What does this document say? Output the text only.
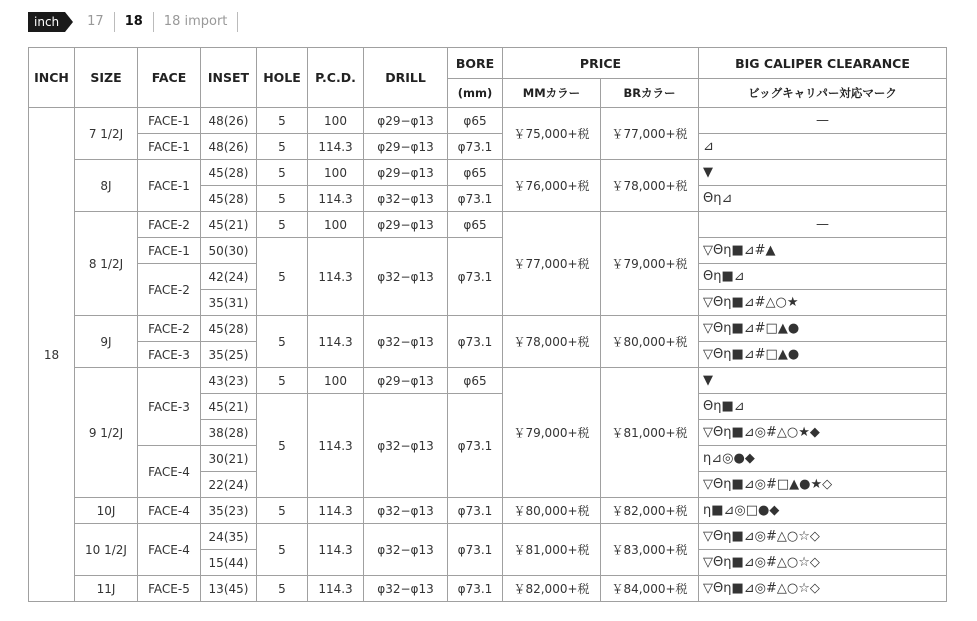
inch	17	18	18 import
INCH	SIZE	FACE	INSET	HOLE	P.C.D.	DRILL	BORE	PRICE		BIG CALIPER CLEARANCE
							(mm)	MMカラー	BRカラー	ビッグキャリパー対応マーク
18	7 1/2J	FACE-1	48(26)	5	100	φ29−φ13	φ65	￥75,000+税	￥77,000+税	—
		FACE-1	48(26)	5	114.3	φ29−φ13	φ73.1			⊿
	8J	FACE-1	45(28)	5	100	φ29−φ13	φ65	￥76,000+税	￥78,000+税	▼
			45(28)	5	114.3	φ32−φ13	φ73.1			Θη⊿
	8 1/2J	FACE-2	45(21)	5	100	φ29−φ13	φ65	￥77,000+税	￥79,000+税	—
		FACE-1	50(30)	5	114.3	φ32−φ13	φ73.1			▽Θη■⊿#▲
		FACE-2	42(24)							Θη■⊿
			35(31)							▽Θη■⊿#△○★
	9J	FACE-2	45(28)	5	114.3	φ32−φ13	φ73.1	￥78,000+税	￥80,000+税	▽Θη■⊿#□▲●
		FACE-3	35(25)							▽Θη■⊿#□▲●
	9 1/2J	FACE-3	43(23)	5	100	φ29−φ13	φ65	￥79,000+税	￥81,000+税	▼
			45(21)	5	114.3	φ32−φ13	φ73.1			Θη■⊿
			38(28)							▽Θη■⊿◎#△○★◆
		FACE-4	30(21)							η⊿◎●◆
			22(24)							▽Θη■⊿◎#□▲●★◇
	10J	FACE-4	35(23)	5	114.3	φ32−φ13	φ73.1	￥80,000+税	￥82,000+税	η■⊿◎□●◆
	10 1/2J	FACE-4	24(35)	5	114.3	φ32−φ13	φ73.1	￥81,000+税	￥83,000+税	▽Θη■⊿◎#△○☆◇
			15(44)							▽Θη■⊿◎#△○☆◇
	11J	FACE-5	13(45)	5	114.3	φ32−φ13	φ73.1	￥82,000+税	￥84,000+税	▽Θη■⊿◎#△○☆◇
